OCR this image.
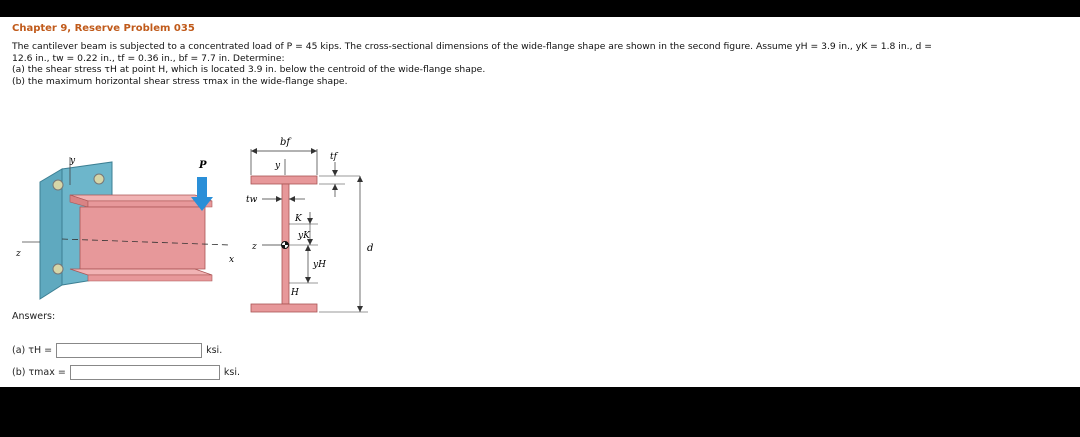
Chapter 9, Reserve Problem 035

The cantilever beam is subjected to a concentrated load of P = 45 kips. The cross-sectional dimensions of the wide-flange shape are shown in the second figure. Assume yH = 3.9 in., yK = 1.8 in., d =

12.6 in., tw = 0.22 in., tf = 0.36 in., bf = 7.7 in. Determine:

(a) the shear stress τH at point H, which is located 3.9 in. below the centroid of the wide-flange shape.

(b) the maximum horizontal shear stress τmax in the wide-flange shape.

y	P
z
x
bf
tf
y
tw
K
yK
z
yH
H
d
Answers:
(a) τH =	ksi.
(b) τmax =	ksi.
